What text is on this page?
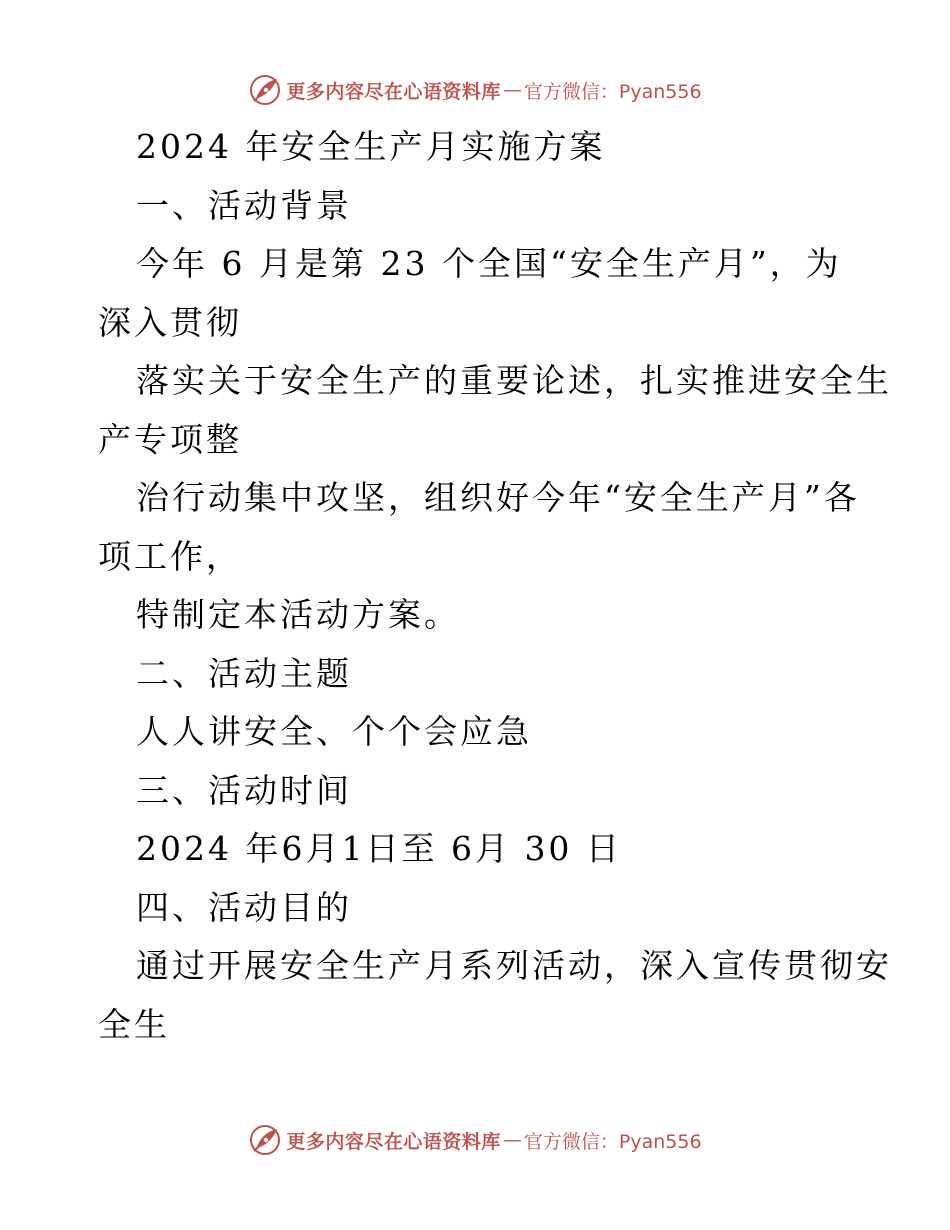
更多内容尽在心语资料库 — 官方微信：Pyan556
2024 年安全生产月实施方案
一、活动背景
今年 6 月是第 23 个全国“安全生产月”，为
深入贯彻
落实关于安全生产的重要论述，扎实推进安全生
产专项整
治行动集中攻坚，组织好今年“安全生产月”各
项工作，
特制定本活动方案。
二、活动主题
人人讲安全、个个会应急
三、活动时间
2024 年6月1日至 6月 30 日
四、活动目的
通过开展安全生产月系列活动，深入宣传贯彻安
全生
更多内容尽在心语资料库 — 官方微信：Pyan556
